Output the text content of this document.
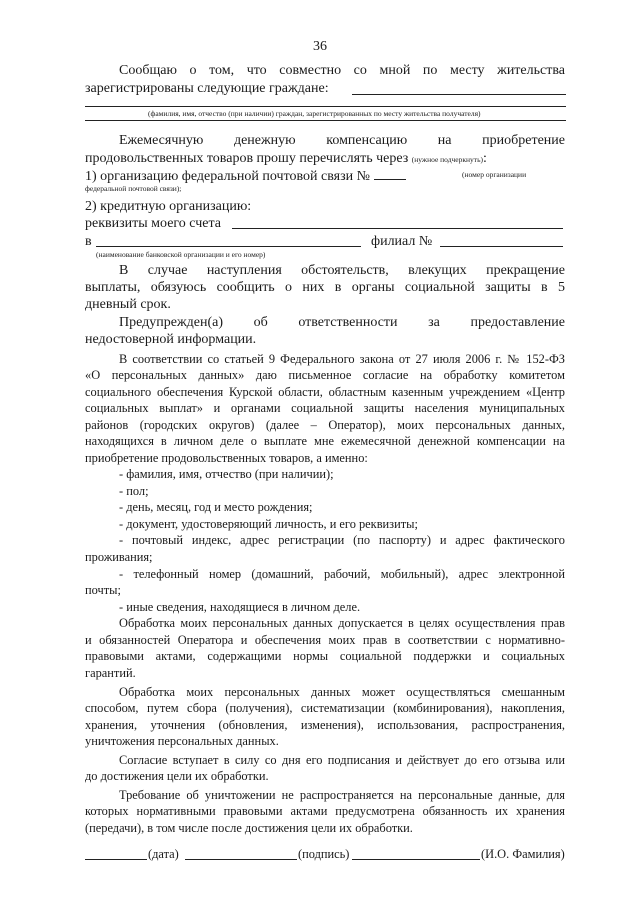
36
Сообщаю о том, что совместно со мной по месту жительства
зарегистрированы следующие граждане:
(фамилия, имя, отчество (при наличии) граждан, зарегистрированных по месту жительства получателя)
Ежемесячную денежную компенсацию на приобретение
продовольственных товаров прошу перечислять через (нужное подчеркнуть):
1) организацию федеральной почтовой связи №	(номер организации
федеральной почтовой связи);
2) кредитную организацию:
реквизиты моего счета
в	филиал №
(наименование банковской организации и его номер)
В случае наступления обстоятельств, влекущих прекращение
выплаты, обязуюсь сообщить о них в органы социальной защиты в 5
дневный срок.
Предупрежден(а) об ответственности за предоставление
недостоверной информации.
В соответствии со статьей 9 Федерального закона от 27 июля 2006 г. № 152-ФЗ
«О персональных данных» даю письменное согласие на обработку комитетом
социального обеспечения Курской области, областным казенным учреждением «Центр
социальных выплат» и органами социальной защиты населения муниципальных
районов (городских округов) (далее – Оператор), моих персональных данных,
находящихся в личном деле о выплате мне ежемесячной денежной компенсации на
приобретение продовольственных товаров, а именно:
- фамилия, имя, отчество (при наличии);
- пол;
- день, месяц, год и место рождения;
- документ, удостоверяющий личность, и его реквизиты;
- почтовый индекс, адрес регистрации (по паспорту) и адрес фактического
проживания;
- телефонный номер (домашний, рабочий, мобильный), адрес электронной
почты;
- иные сведения, находящиеся в личном деле.
Обработка моих персональных данных допускается в целях осуществления прав
и обязанностей Оператора и обеспечения моих прав в соответствии с нормативно-
правовыми актами, содержащими нормы социальной поддержки и социальных
гарантий.
Обработка моих персональных данных может осуществляться смешанным
способом, путем сбора (получения), систематизации (комбинирования), накопления,
хранения, уточнения (обновления, изменения), использования, распространения,
уничтожения персональных данных.
Согласие вступает в силу со дня его подписания и действует до его отзыва или
до достижения цели их обработки.
Требование об уничтожении не распространяется на персональные данные, для
которых нормативными правовыми актами предусмотрена обязанность их хранения
(передачи), в том числе после достижения цели их обработки.
(дата)	(подпись)	(И.О. Фамилия)
